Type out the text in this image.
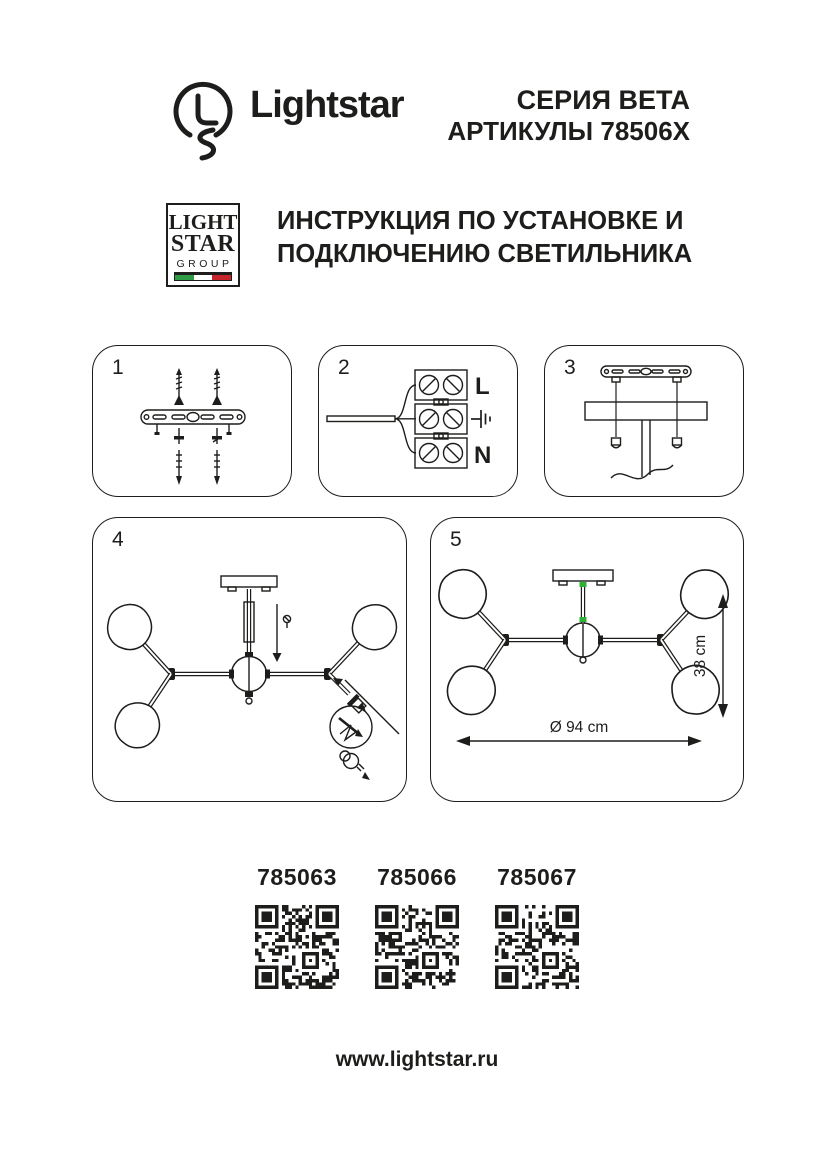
Lightstar	СЕРИЯ BETA
АРТИКУЛЫ 78506X
LIGHT
STAR
GROUP
ИНСТРУКЦИЯ ПО УСТАНОВКЕ И
ПОДКЛЮЧЕНИЮ СВЕТИЛЬНИКА
1	2
L
N
3
4	5
Ø 94 cm
38 cm
785063	785066	785067
www.lightstar.ru
